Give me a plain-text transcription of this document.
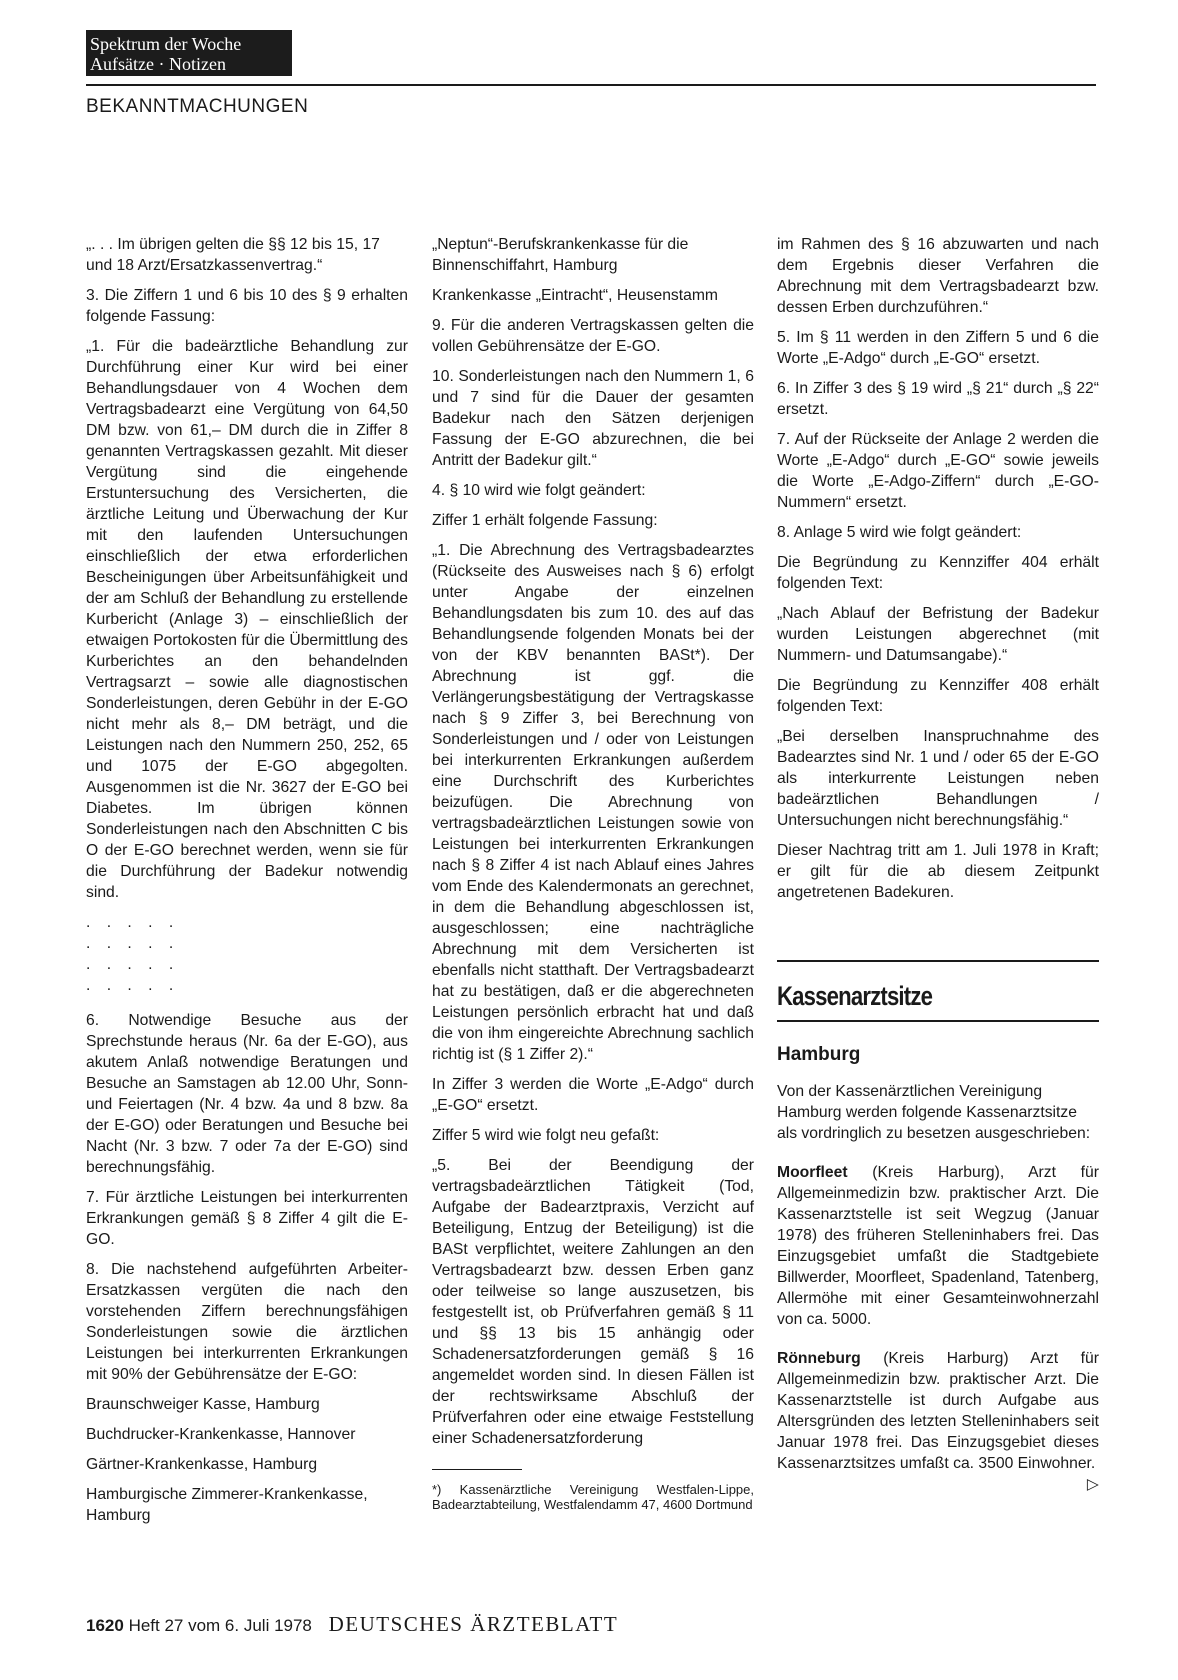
Spektrum der Woche
Aufsätze · Notizen
BEKANNTMACHUNGEN

„. . . Im übrigen gelten die §§ 12 bis 15, 17 und 18 Arzt/Ersatzkassenvertrag.“

3. Die Ziffern 1 und 6 bis 10 des § 9 erhalten folgende Fassung:

„1. Für die badeärztliche Behandlung zur Durchführung einer Kur wird bei einer Behandlungsdauer von 4 Wochen dem Vertragsbadearzt eine Vergütung von 64,50 DM bzw. von 61,– DM durch die in Ziffer 8 genannten Vertragskassen gezahlt. Mit dieser Vergütung sind die eingehende Erstuntersuchung des Versicherten, die ärztliche Leitung und Überwachung der Kur mit den laufenden Untersuchungen einschließlich der etwa erforderlichen Bescheinigungen über Arbeitsunfähigkeit und der am Schluß der Behandlung zu erstellende Kurbericht (Anlage 3) – einschließlich der etwaigen Portokosten für die Übermittlung des Kurberichtes an den behandelnden Vertragsarzt – sowie alle diagnostischen Sonderleistungen, deren Gebühr in der E-GO nicht mehr als 8,– DM beträgt, und die Leistungen nach den Nummern 250, 252, 65 und 1075 der E-GO abgegolten. Ausgenommen ist die Nr. 3627 der E-GO bei Diabetes. Im übrigen können Sonderleistungen nach den Abschnitten C bis O der E-GO berechnet werden, wenn sie für die Durchführung der Badekur notwendig sind.

. . . . .

. . . . .

. . . . .

. . . . .

6. Notwendige Besuche aus der Sprechstunde heraus (Nr. 6a der E-GO), aus akutem Anlaß notwendige Beratungen und Besuche an Samstagen ab 12.00 Uhr, Sonn- und Feiertagen (Nr. 4 bzw. 4a und 8 bzw. 8a der E-GO) oder Beratungen und Besuche bei Nacht (Nr. 3 bzw. 7 oder 7a der E-GO) sind berechnungsfähig.

7. Für ärztliche Leistungen bei interkurrenten Erkrankungen gemäß § 8 Ziffer 4 gilt die E-GO.

8. Die nachstehend aufgeführten Arbeiter-Ersatzkassen vergüten die nach den vorstehenden Ziffern berechnungsfähigen Sonderleistungen sowie die ärztlichen Leistungen bei interkurrenten Erkrankungen mit 90% der Gebührensätze der E-GO:

Braunschweiger Kasse, Hamburg

Buchdrucker-Krankenkasse, Hannover

Gärtner-Krankenkasse, Hamburg

Hamburgische Zimmerer-Krankenkasse, Hamburg

„Neptun“-Berufskrankenkasse für die Binnenschiffahrt, Hamburg

Krankenkasse „Eintracht“, Heusenstamm

9. Für die anderen Vertragskassen gelten die vollen Gebührensätze der E-GO.

10. Sonderleistungen nach den Nummern 1, 6 und 7 sind für die Dauer der gesamten Badekur nach den Sätzen derjenigen Fassung der E-GO abzurechnen, die bei Antritt der Badekur gilt.“

4. § 10 wird wie folgt geändert:

Ziffer 1 erhält folgende Fassung:

„1. Die Abrechnung des Vertragsbadearztes (Rückseite des Ausweises nach § 6) erfolgt unter Angabe der einzelnen Behandlungsdaten bis zum 10. des auf das Behandlungsende folgenden Monats bei der von der KBV benannten BASt*). Der Abrechnung ist ggf. die Verlängerungsbestätigung der Vertragskasse nach § 9 Ziffer 3, bei Berechnung von Sonderleistungen und / oder von Leistungen bei interkurrenten Erkrankungen außerdem eine Durchschrift des Kurberichtes beizufügen. Die Abrechnung von vertragsbadeärztlichen Leistungen sowie von Leistungen bei interkurrenten Erkrankungen nach § 8 Ziffer 4 ist nach Ablauf eines Jahres vom Ende des Kalendermonats an gerechnet, in dem die Behandlung abgeschlossen ist, ausgeschlossen; eine nachträgliche Abrechnung mit dem Versicherten ist ebenfalls nicht statthaft. Der Vertragsbadearzt hat zu bestätigen, daß er die abgerechneten Leistungen persönlich erbracht hat und daß die von ihm eingereichte Abrechnung sachlich richtig ist (§ 1 Ziffer 2).“

In Ziffer 3 werden die Worte „E-Adgo“ durch „E-GO“ ersetzt.

Ziffer 5 wird wie folgt neu gefaßt:

„5. Bei der Beendigung der vertragsbadeärztlichen Tätigkeit (Tod, Aufgabe der Badearztpraxis, Verzicht auf Beteiligung, Entzug der Beteiligung) ist die BASt verpflichtet, weitere Zahlungen an den Vertragsbadearzt bzw. dessen Erben ganz oder teilweise so lange auszusetzen, bis festgestellt ist, ob Prüfverfahren gemäß § 11 und §§ 13 bis 15 anhängig oder Schadenersatzforderungen gemäß § 16 angemeldet worden sind. In diesen Fällen ist der rechtswirksame Abschluß der Prüfverfahren oder eine etwaige Feststellung einer Schadenersatzforderung

*) Kassenärztliche Vereinigung Westfalen-Lippe, Badearztabteilung, Westfalendamm 47, 4600 Dortmund

im Rahmen des § 16 abzuwarten und nach dem Ergebnis dieser Verfahren die Abrechnung mit dem Vertragsbadearzt bzw. dessen Erben durchzuführen.“

5. Im § 11 werden in den Ziffern 5 und 6 die Worte „E-Adgo“ durch „E-GO“ ersetzt.

6. In Ziffer 3 des § 19 wird „§ 21“ durch „§ 22“ ersetzt.

7. Auf der Rückseite der Anlage 2 werden die Worte „E-Adgo“ durch „E-GO“ sowie jeweils die Worte „E-Adgo-Ziffern“ durch „E-GO-Nummern“ ersetzt.

8. Anlage 5 wird wie folgt geändert:

Die Begründung zu Kennziffer 404 erhält folgenden Text:

„Nach Ablauf der Befristung der Badekur wurden Leistungen abgerechnet (mit Nummern- und Datumsangabe).“

Die Begründung zu Kennziffer 408 erhält folgenden Text:

„Bei derselben Inanspruchnahme des Badearztes sind Nr. 1 und / oder 65 der E-GO als interkurrente Leistungen neben badeärztlichen Behandlungen / Untersuchungen nicht berechnungsfähig.“

Dieser Nachtrag tritt am 1. Juli 1978 in Kraft; er gilt für die ab diesem Zeitpunkt angetretenen Badekuren.

Kassenarztsitze
Hamburg

Von der Kassenärztlichen Vereinigung Hamburg werden folgende Kassenarztsitze als vordringlich zu besetzen ausgeschrieben:

Moorfleet (Kreis Harburg), Arzt für Allgemeinmedizin bzw. praktischer Arzt. Die Kassenarztstelle ist seit Wegzug (Januar 1978) des früheren Stelleninhabers frei. Das Einzugsgebiet umfaßt die Stadtgebiete Billwerder, Moorfleet, Spadenland, Tatenberg, Allermöhe mit einer Gesamteinwohnerzahl von ca. 5000.

Rönneburg (Kreis Harburg) Arzt für Allgemeinmedizin bzw. praktischer Arzt. Die Kassenarztstelle ist durch Aufgabe aus Altersgründen des letzten Stelleninhabers seit Januar 1978 frei. Das Einzugsgebiet dieses Kassenarztsitzes umfaßt ca. 3500 Einwohner.
▷

1620 Heft 27 vom 6. Juli 1978 DEUTSCHES ÄRZTEBLATT
